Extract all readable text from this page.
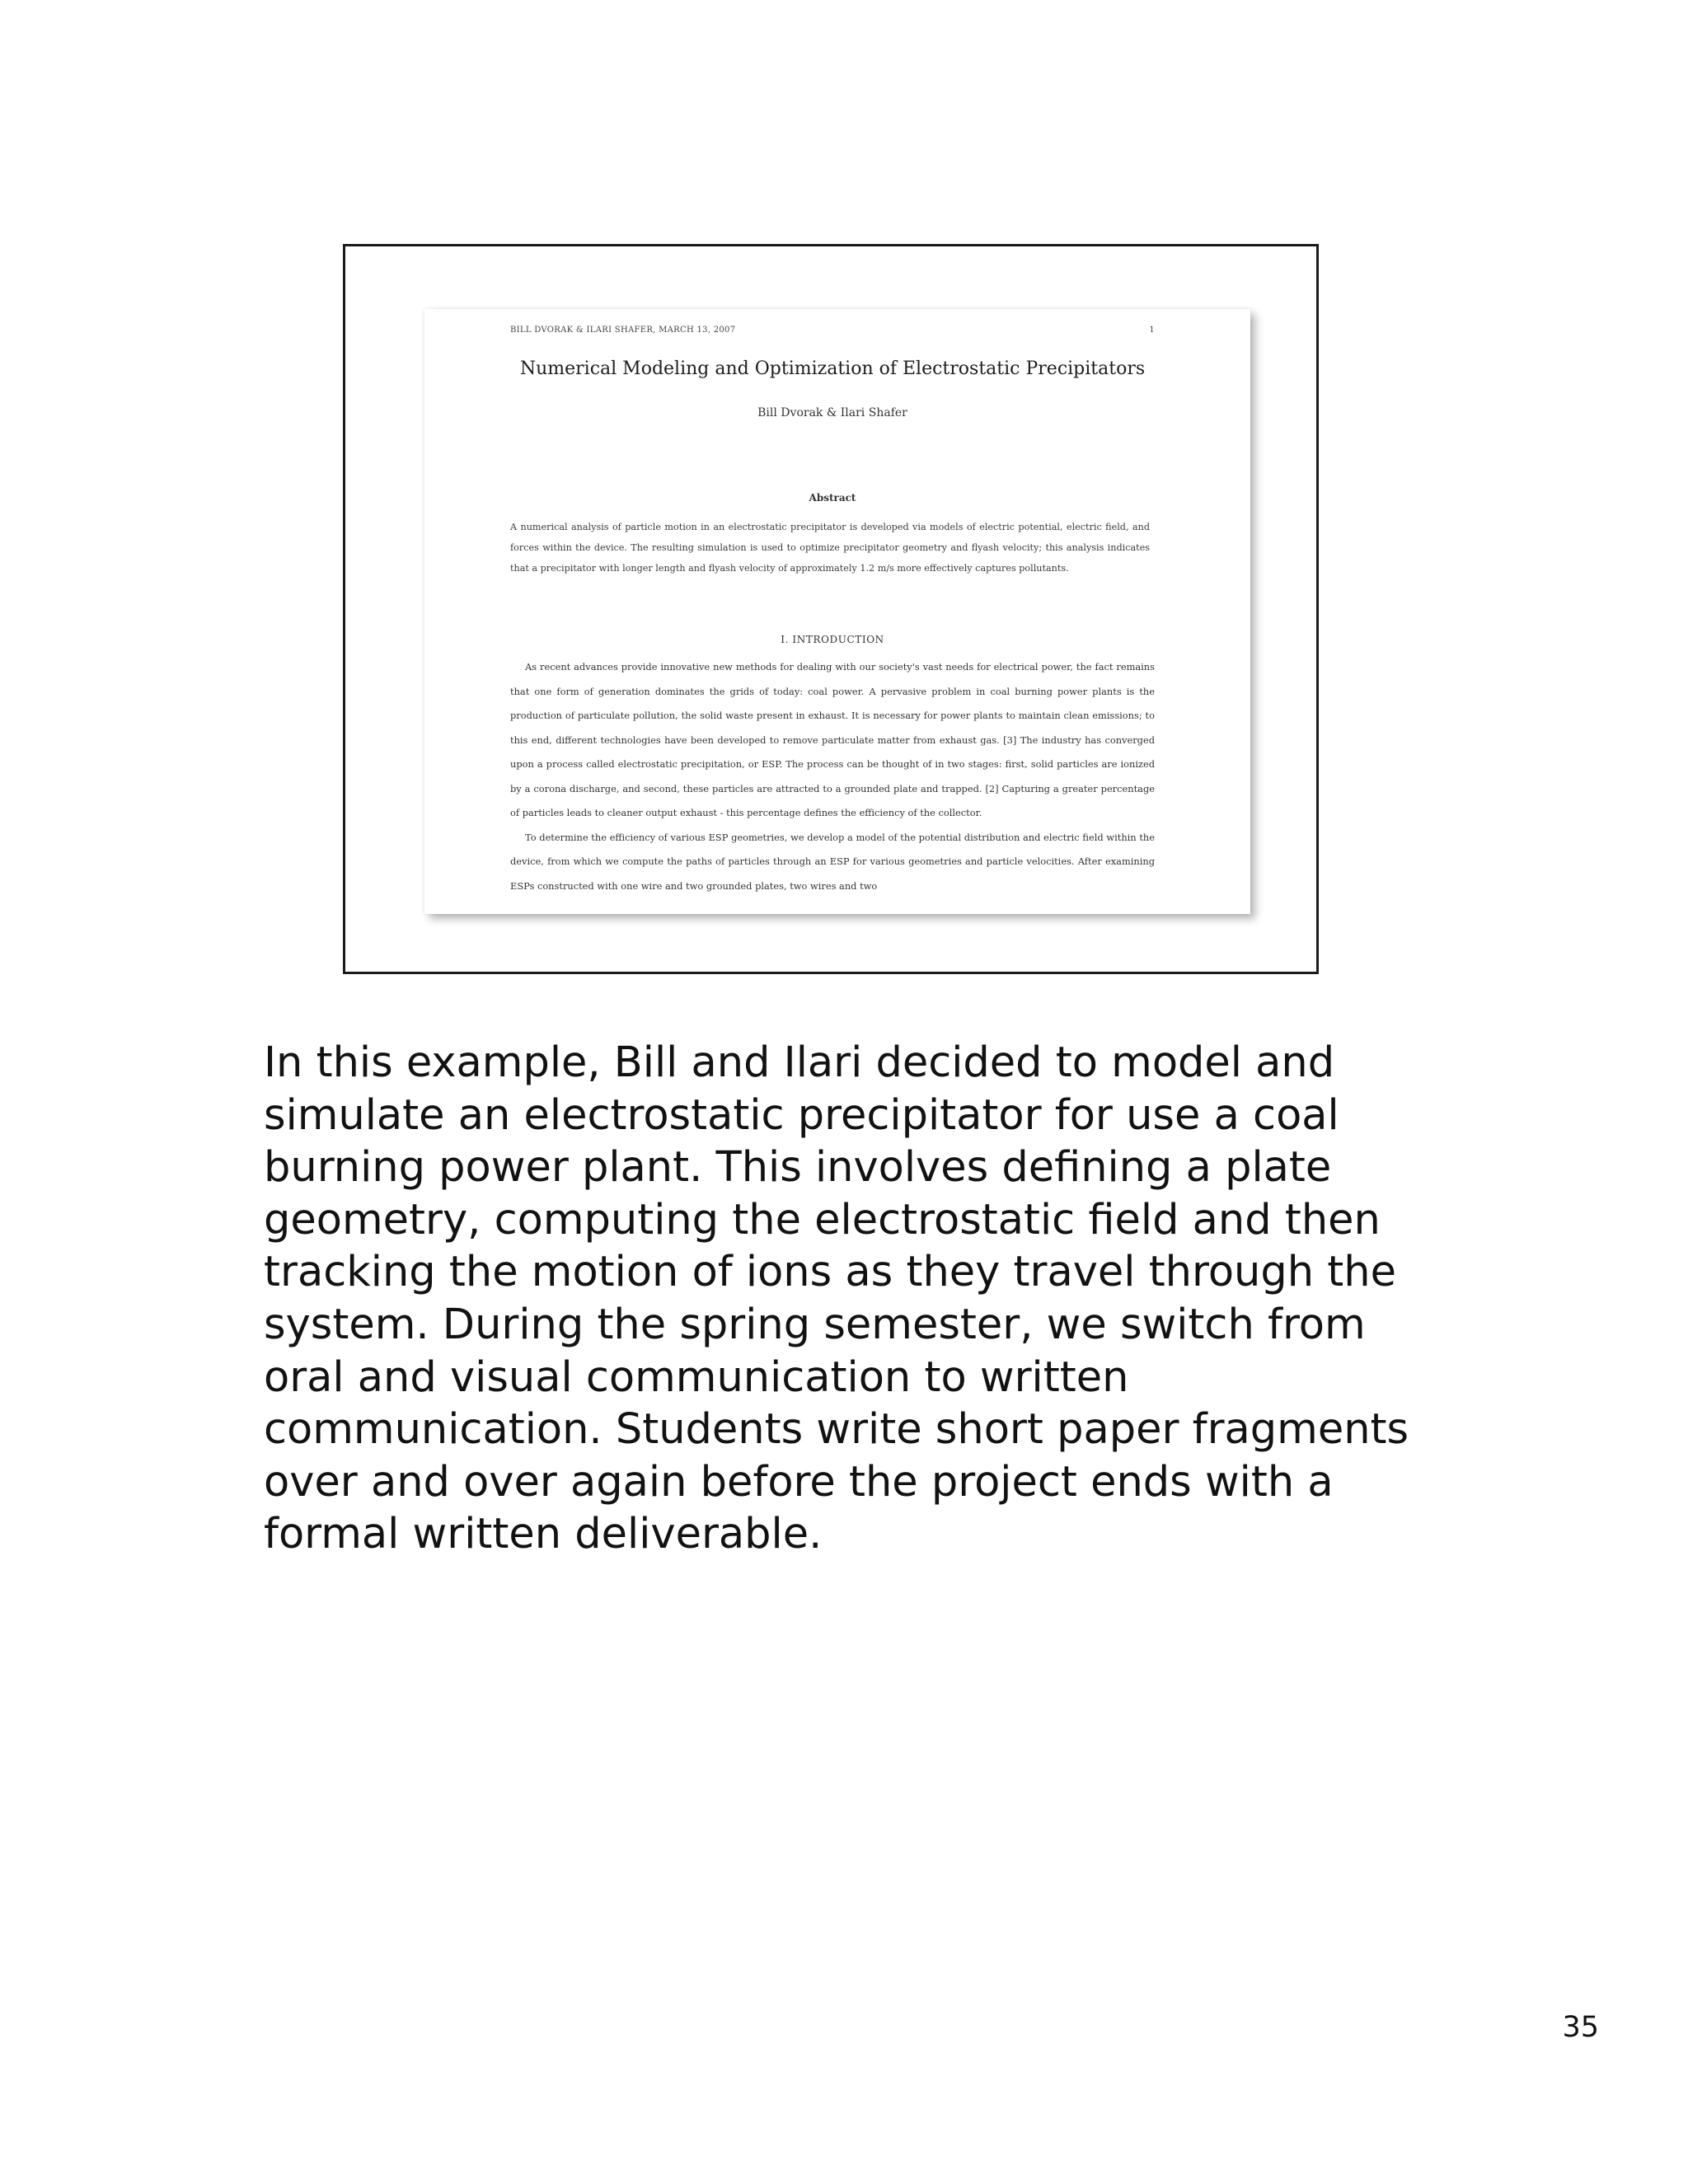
BILL DVORAK & ILARI SHAFER, MARCH 13, 2007	1
Numerical Modeling and Optimization of Electrostatic Precipitators
Bill Dvorak & Ilari Shafer
Abstract
A numerical analysis of particle motion in an electrostatic precipitator is developed via models of electric potential, electric field, and forces within the device. The resulting simulation is used to optimize precipitator geometry and flyash velocity; this analysis indicates that a precipitator with longer length and flyash velocity of approximately 1.2 m/s more effectively captures pollutants.
I. INTRODUCTION

As recent advances provide innovative new methods for dealing with our society's vast needs for electrical power, the fact remains that one form of generation dominates the grids of today: coal power. A pervasive problem in coal burning power plants is the production of particulate pollution, the solid waste present in exhaust. It is necessary for power plants to maintain clean emissions; to this end, different technologies have been developed to remove particulate matter from exhaust gas. [3] The industry has converged upon a process called electrostatic precipitation, or ESP. The process can be thought of in two stages: first, solid particles are ionized by a corona discharge, and second, these particles are attracted to a grounded plate and trapped. [2] Capturing a greater percentage of particles leads to cleaner output exhaust - this percentage defines the efficiency of the collector.

To determine the efficiency of various ESP geometries, we develop a model of the potential distribution and electric field within the device, from which we compute the paths of particles through an ESP for various geometries and particle velocities. After examining ESPs constructed with one wire and two grounded plates, two wires and two

In this example, Bill and Ilari decided to model and simulate an electrostatic precipitator for use a coal burning power plant. This involves defining a plate geometry, computing the electrostatic field and then tracking the motion of ions as they travel through the system. During the spring semester, we switch from oral and visual communication to written communication. Students write short paper fragments over and over again before the project ends with a formal written deliverable.

35
